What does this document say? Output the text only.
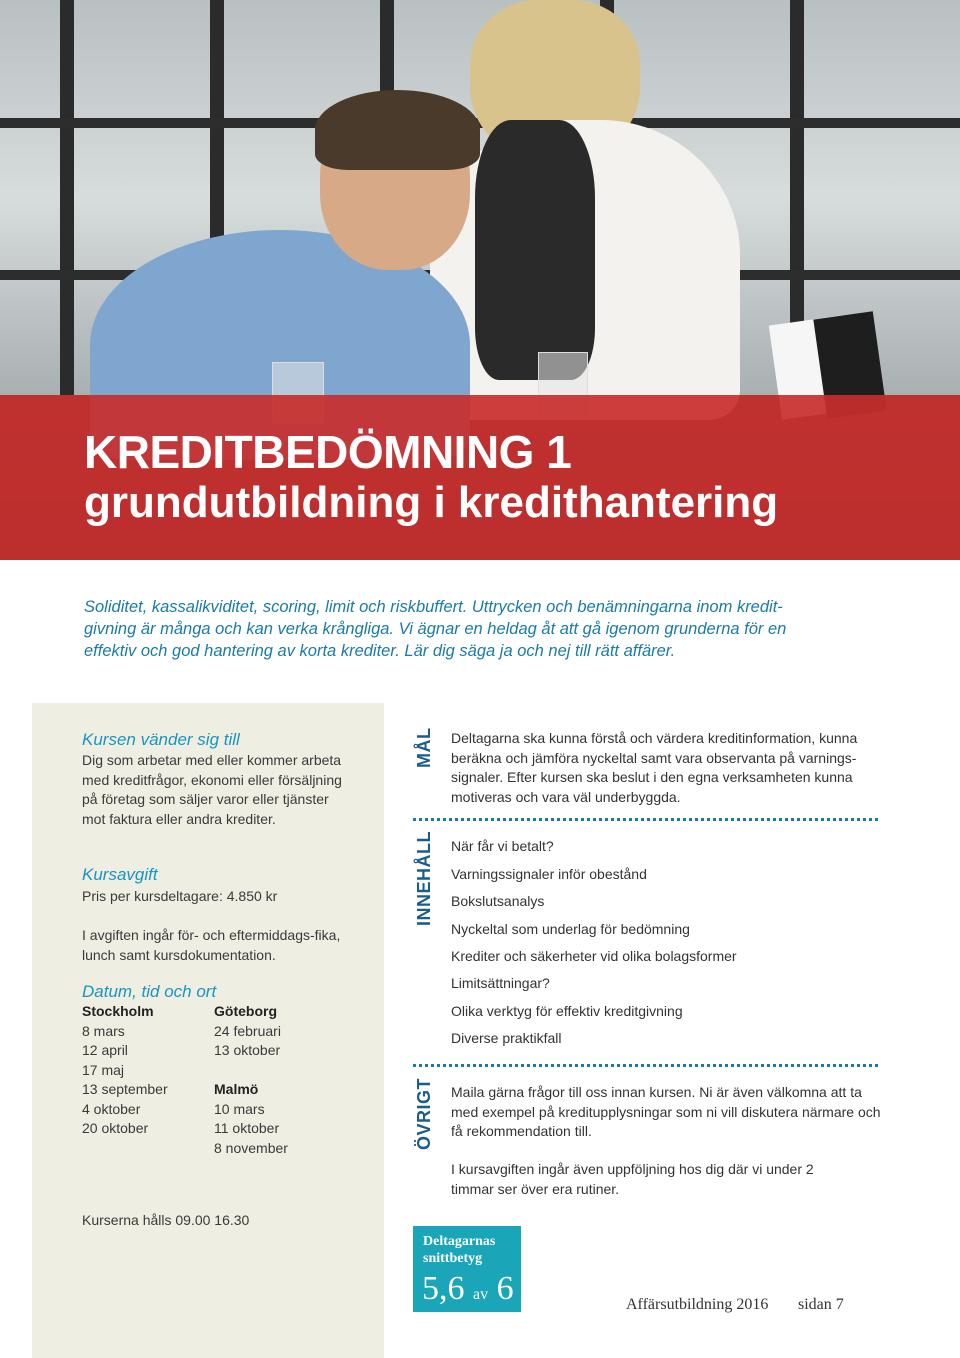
KREDITBEDÖMNING 1
grundutbildning i kredithantering

Soliditet, kassalikviditet, scoring, limit och riskbuffert. Uttrycken och benämningarna inom kredit-givning är många och kan verka krångliga. Vi ägnar en heldag åt att gå igenom grunderna för en effektiv och god hantering av korta krediter. Lär dig säga ja och nej till rätt affärer.

Kursen vänder sig till

Dig som arbetar med eller kommer arbeta med kreditfrågor, ekonomi eller försäljning på företag som säljer varor eller tjänster mot faktura eller andra krediter.

Kursavgift

Pris per kursdeltagare: 4.850 kr

I avgiften ingår för- och eftermiddags-fika, lunch samt kursdokumentation.

Datum, tid och ort

Stockholm
8 mars
12 april
17 maj
13 september
4 oktober
20 oktober
Göteborg
24 februari
13 oktober
Malmö
10 mars
11 oktober
8 november

Kurserna hålls 09.00 16.30

MÅL Deltagarna ska kunna förstå och värdera kreditinformation, kunna beräkna och jämföra nyckeltal samt vara observanta på varnings-signaler. Efter kursen ska beslut i den egna verksamheten kunna motiveras och vara väl underbyggda.

INNEHÅLL När får vi betalt?
Varningssignaler inför obestånd
Bokslutsanalys
Nyckeltal som underlag för bedömning
Krediter och säkerheter vid olika bolagsformer
Limitsättningar?
Olika verktyg för effektiv kreditgivning
Diverse praktikfall
ÖVRIGT Maila gärna frågor till oss innan kursen. Ni är även välkomna att ta med exempel på kreditupplysningar som ni vill diskutera närmare och få rekommendation till.

I kursavgiften ingår även uppföljning hos dig där vi under 2 timmar ser över era rutiner.

Deltagarnas snittbetyg
5,6 av 6	Affärsutbildning 2016 sidan 7
